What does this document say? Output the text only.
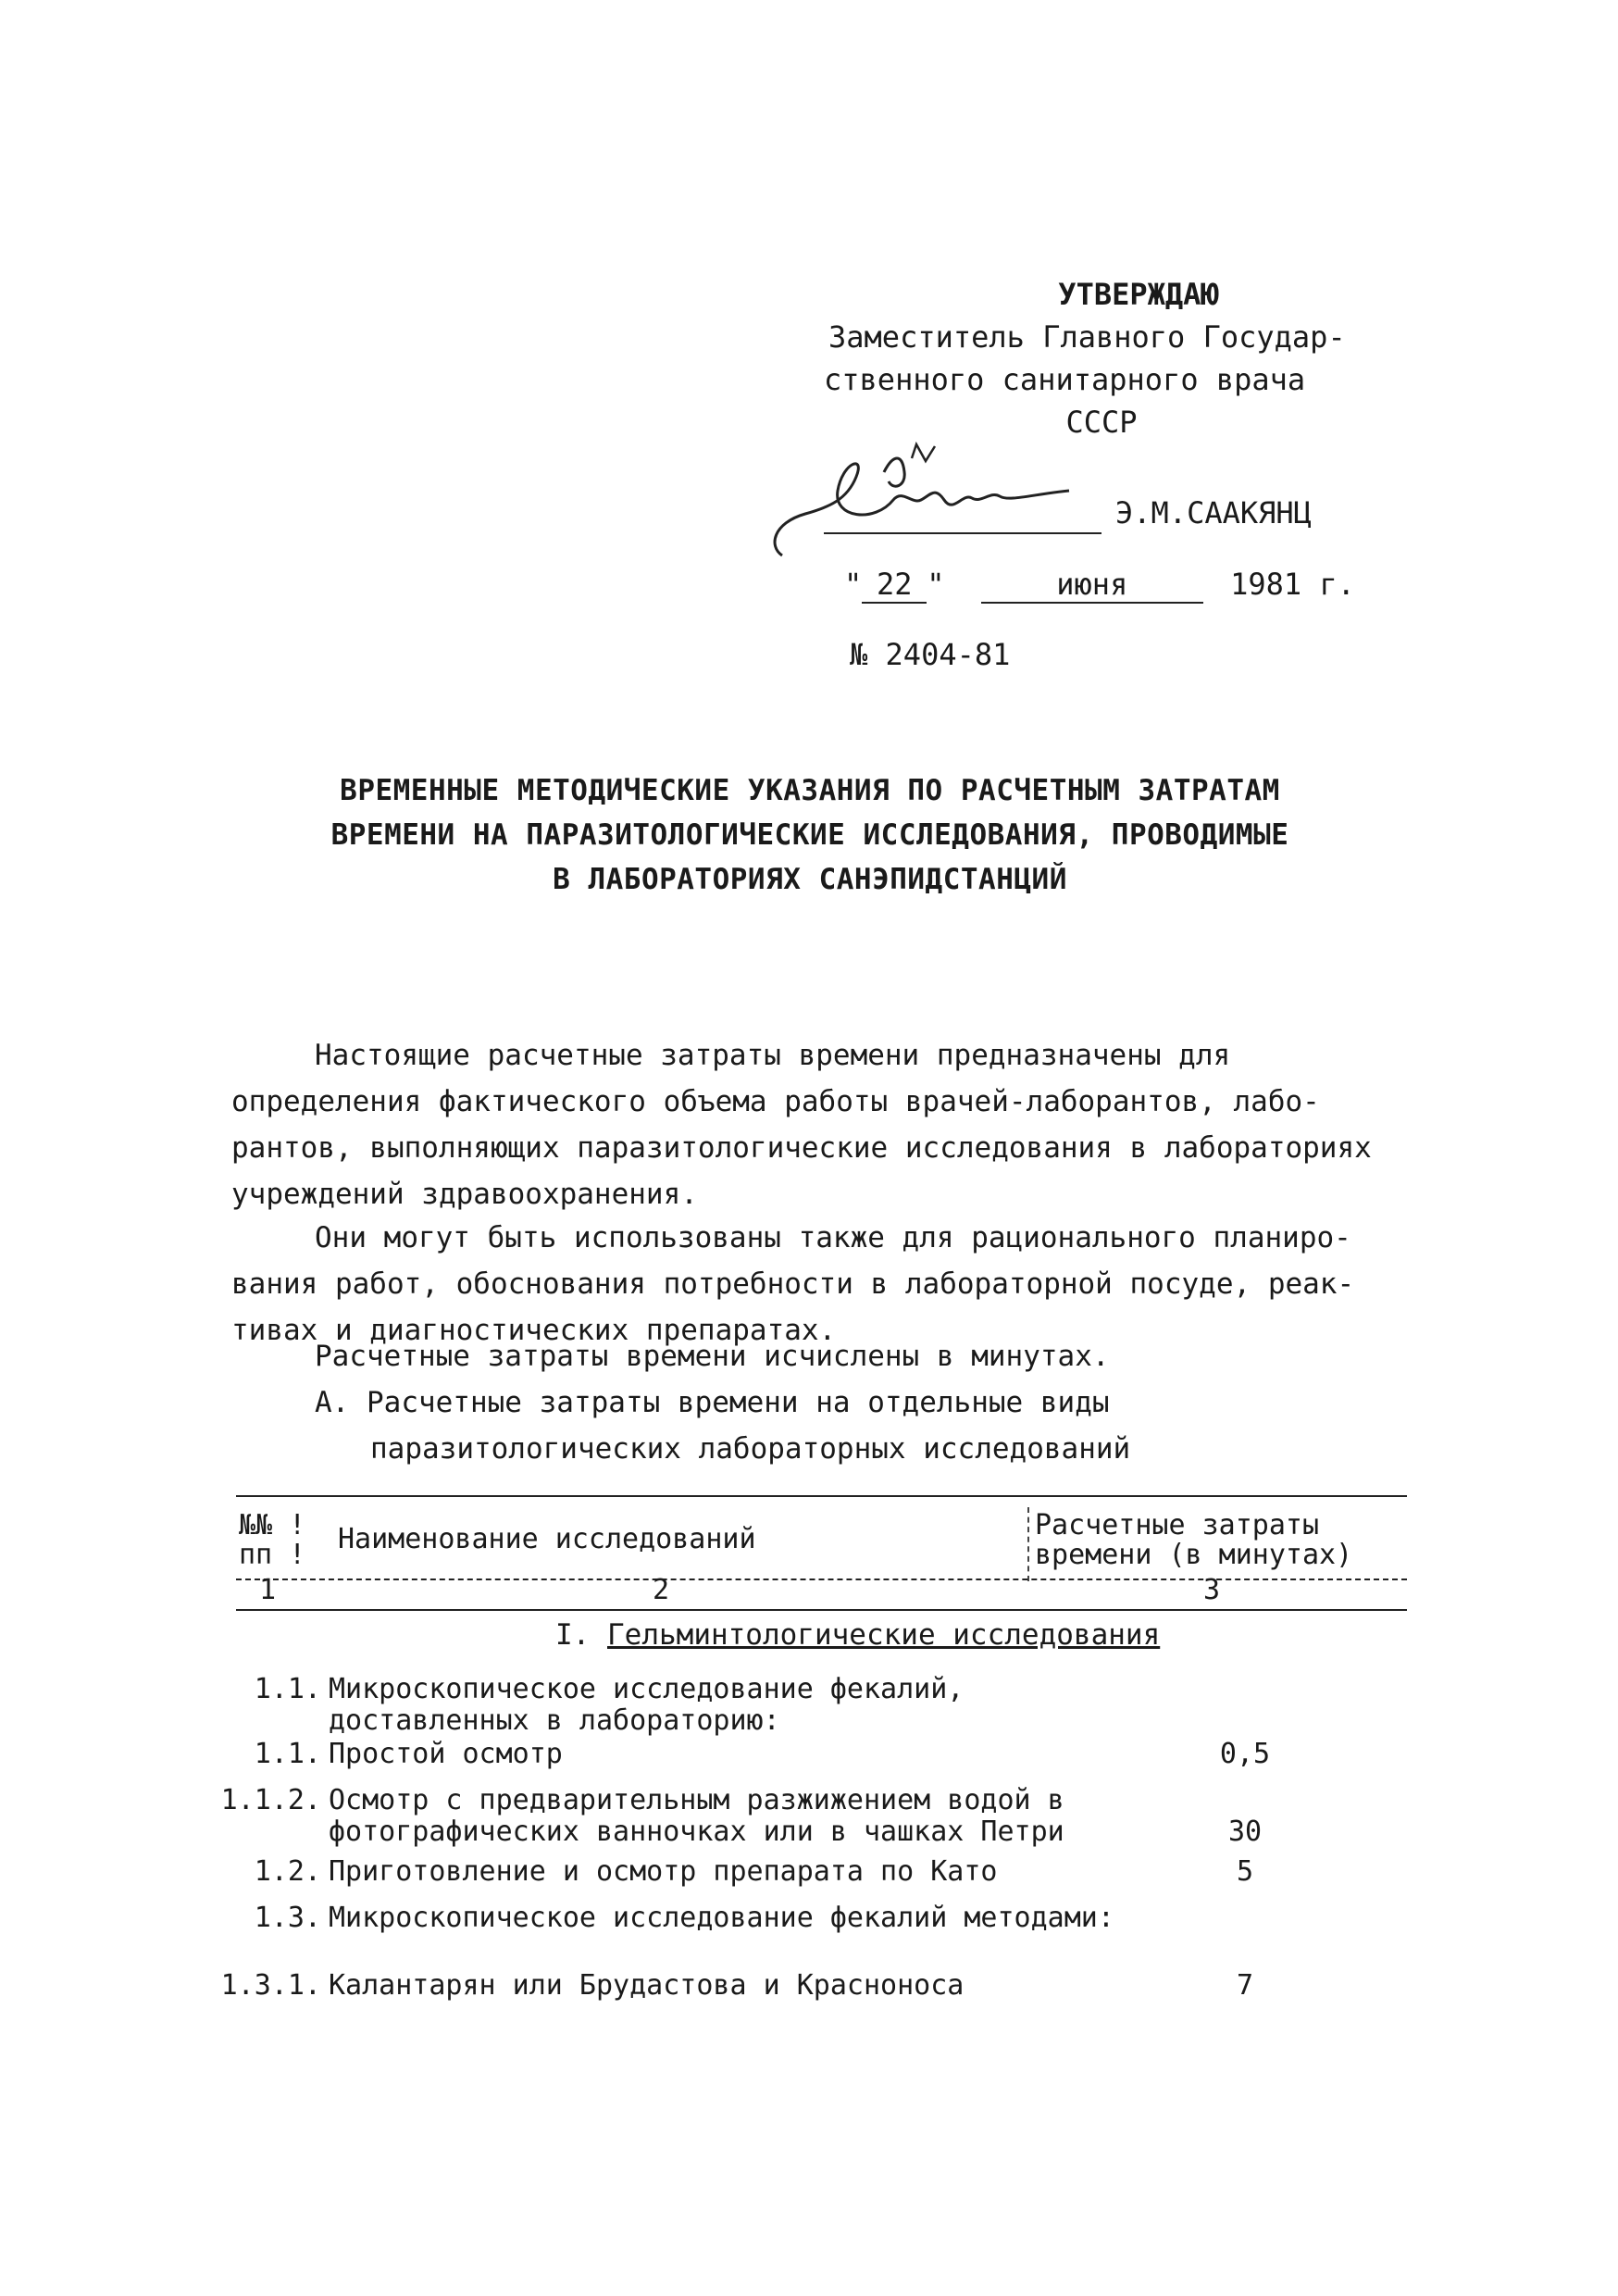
УТВЕРЖДАЮ
Заместитель Главного Государ-
ственного санитарного врача
СССР
Э.М.СААКЯНЦ
" 22 "	июня	1981 г.
№ 2404-81
ВРЕМЕННЫЕ МЕТОДИЧЕСКИЕ УКАЗАНИЯ ПО РАСЧЕТНЫМ ЗАТРАТАМ
ВРЕМЕНИ НА ПАРАЗИТОЛОГИЧЕСКИЕ ИССЛЕДОВАНИЯ, ПРОВОДИМЫЕ
В ЛАБОРАТОРИЯХ САНЭПИДСТАНЦИЙ
Настоящие расчетные затраты времени предназначены для
определения фактического объема работы врачей-лаборантов, лабо-
рантов, выполняющих паразитологические исследования в лабораториях
учреждений здравоохранения.
Они могут быть использованы также для рационального планиро-
вания работ, обоснования потребности в лабораторной посуде, реак-
тивах и диагностических препаратах.
Расчетные затраты времени исчислены в минутах.
А. Расчетные затраты времени на отдельные виды
паразитологических лабораторных исследований
№№ !
пп ! Наименование исследований	Расчетные затраты
времени (в минутах)
1	2	3
I. Гельминтологические исследования
1.1. Микроскопическое исследование фекалий,
доставленных в лабораторию:
1.1. Простой осмотр	0,5
1.1.2. Осмотр с предварительным разжижением водой в
фотографических ванночках или в чашках Петри	30
1.2. Приготовление и осмотр препарата по Като	5
1.3. Микроскопическое исследование фекалий методами:
1.3.1. Калантарян или Брудастова и Красноноса	7
